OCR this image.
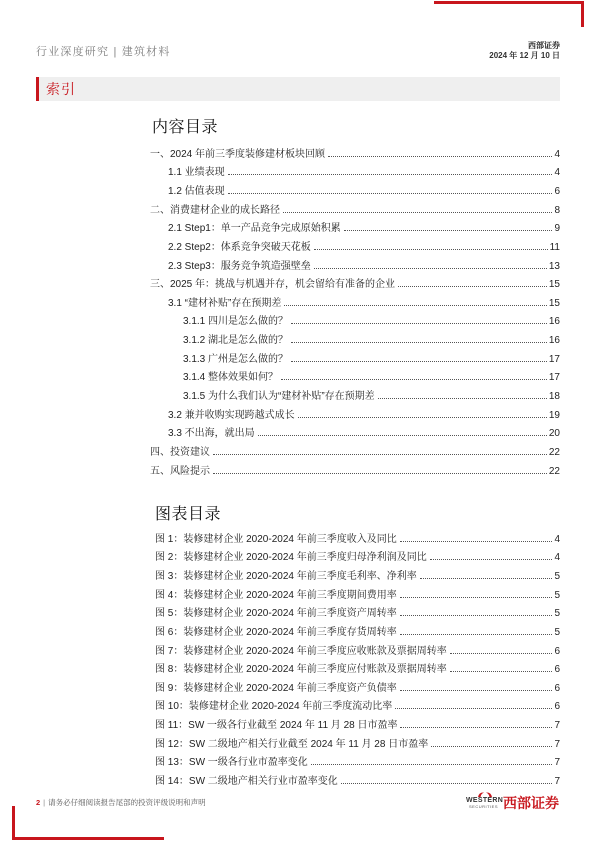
行业深度研究 | 建筑材料
西部证券
2024 年 12 月 10 日
索引
内容目录
一、2024 年前三季度装修建材板块回顾	4
1.1 业绩表现	4
1.2 估值表现	6
二、消费建材企业的成长路径	8
2.1 Step1：单一产品竞争完成原始积累	9
2.2 Step2：体系竞争突破天花板	11
2.3 Step3：服务竞争筑造强壁垒	13
三、2025 年：挑战与机遇并存，机会留给有准备的企业	15
3.1 “建材补贴”存在预期差	15
3.1.1 四川是怎么做的？	16
3.1.2 湖北是怎么做的？	16
3.1.3 广州是怎么做的？	17
3.1.4 整体效果如何？	17
3.1.5 为什么我们认为“建材补贴”存在预期差	18
3.2 兼并收购实现跨越式成长	19
3.3 不出海，就出局	20
四、投资建议	22
五、风险提示	22
图表目录
图 1：装修建材企业 2020-2024 年前三季度收入及同比	4
图 2：装修建材企业 2020-2024 年前三季度归母净利润及同比	4
图 3：装修建材企业 2020-2024 年前三季度毛利率、净利率	5
图 4：装修建材企业 2020-2024 年前三季度期间费用率	5
图 5：装修建材企业 2020-2024 年前三季度资产周转率	5
图 6：装修建材企业 2020-2024 年前三季度存货周转率	5
图 7：装修建材企业 2020-2024 年前三季度应收账款及票据周转率	6
图 8：装修建材企业 2020-2024 年前三季度应付账款及票据周转率	6
图 9：装修建材企业 2020-2024 年前三季度资产负债率	6
图 10：装修建材企业 2020-2024 年前三季度流动比率	6
图 11：SW 一级各行业截至 2024 年 11 月 28 日市盈率	7
图 12：SW 二级地产相关行业截至 2024 年 11 月 28 日市盈率	7
图 13：SW 一级各行业市盈率变化	7
图 14：SW 二级地产相关行业市盈率变化	7
2 | 请务必仔细阅读报告尾部的投资评级说明和声明	WESTERN
SECURITIES 西部证券
